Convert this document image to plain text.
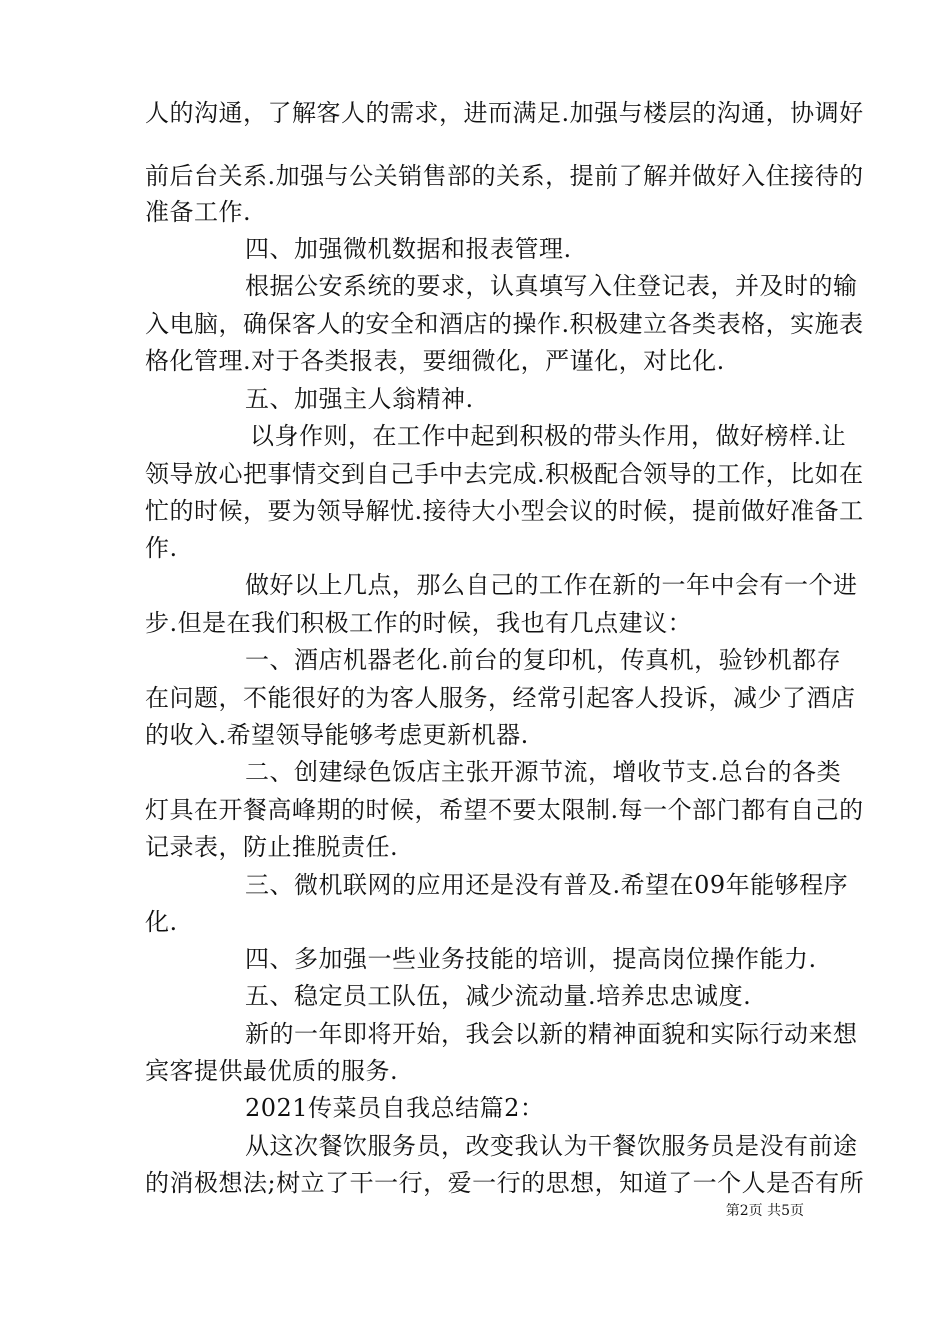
人的沟通，了解客人的需求，进而满足.加强与楼层的沟通，协调好

前后台关系.加强与公关销售部的关系，提前了解并做好入住接待的

准备工作.

四、加强微机数据和报表管理.

根据公安系统的要求，认真填写入住登记表，并及时的输

入电脑，确保客人的安全和酒店的操作.积极建立各类表格，实施表

格化管理.对于各类报表，要细微化，严谨化，对比化.

五、加强主人翁精神.

以身作则，在工作中起到积极的带头作用，做好榜样.让

领导放心把事情交到自己手中去完成.积极配合领导的工作，比如在

忙的时候，要为领导解忧.接待大小型会议的时候，提前做好准备工

作.

做好以上几点，那么自己的工作在新的一年中会有一个进

步.但是在我们积极工作的时候，我也有几点建议：

一、酒店机器老化.前台的复印机，传真机，验钞机都存

在问题，不能很好的为客人服务，经常引起客人投诉，减少了酒店

的收入.希望领导能够考虑更新机器.

二、创建绿色饭店主张开源节流，增收节支.总台的各类

灯具在开餐高峰期的时候，希望不要太限制.每一个部门都有自己的

记录表，防止推脱责任.

三、微机联网的应用还是没有普及.希望在09年能够程序

化.

四、多加强一些业务技能的培训，提高岗位操作能力.

五、稳定员工队伍，减少流动量.培养忠忠诚度.

新的一年即将开始，我会以新的精神面貌和实际行动来想

宾客提供最优质的服务.

2021传菜员自我总结篇2：

从这次餐饮服务员，改变我认为干餐饮服务员是没有前途

的消极想法;树立了干一行，爱一行的思想，知道了一个人是否有所

第2页 共5页
